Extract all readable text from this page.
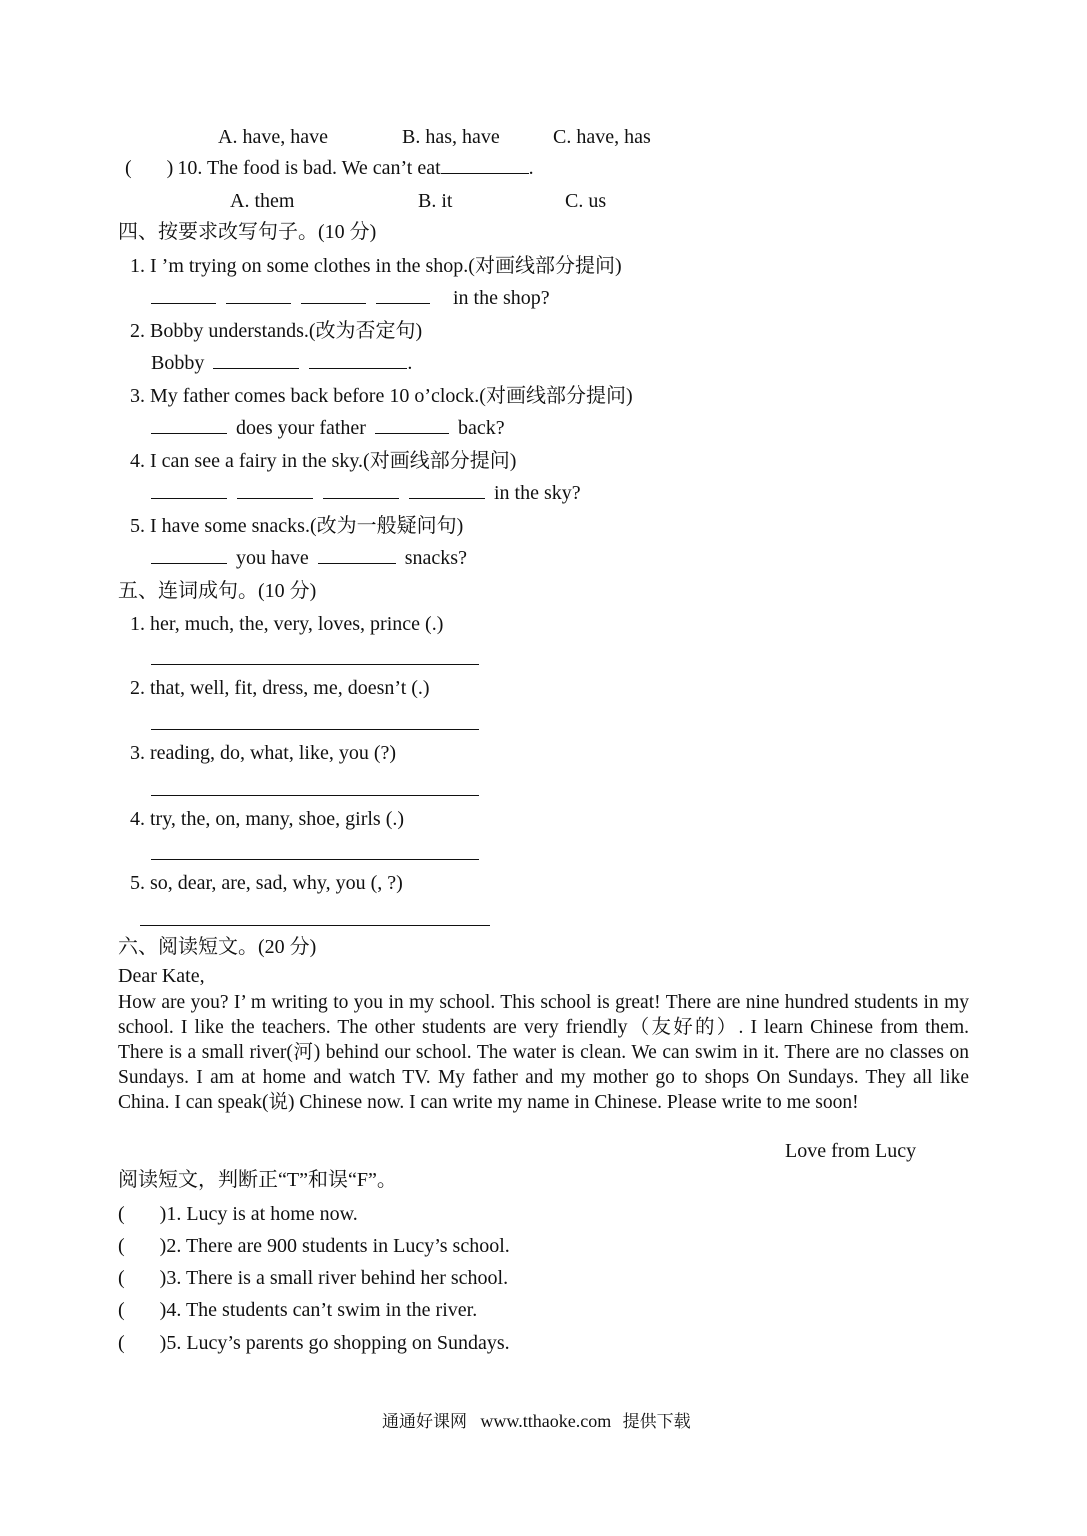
A. have, have	B. has, have	C. have, has
(       ) 10. The food is bad. We can’t eat	.
A. them	B. it	C. us
四、按要求改写句子。(10 分)
1. I ’m trying on some clothes in the shop.(对画线部分提问)
in the shop?
2. Bobby understands.(改为否定句)
Bobby	.
3. My father comes back before 10 o’clock.(对画线部分提问)
does your father	back?
4. I can see a fairy in the sky.(对画线部分提问)
in the sky?
5. I have some snacks.(改为一般疑问句)
you have	snacks?
五、连词成句。(10 分)
1. her, much, the, very, loves, prince (.)
2. that, well, fit, dress, me, doesn’t (.)
3. reading, do, what, like, you (?)
4. try, the, on, many, shoe, girls (.)
5. so, dear, are, sad, why, you (, ?)
六、阅读短文。(20 分)
Dear Kate,
How are you? I’ m writing to you in my school. This school is great! There are nine hundred students in my school. I like the teachers. The other students are very friendly（友好的）. I learn Chinese from them. There is a small river(河) behind our school. The water is clean. We can swim in it. There are no classes on Sundays. I am at home and watch TV. My father and my mother go to shops On Sundays. They all like China. I can speak(说) Chinese now. I can write my name in Chinese. Please write to me soon!
Love from Lucy
阅读短文，判断正“T”和误“F”。
(       )1. Lucy is at home now.
(       )2. There are 900 students in Lucy’s school.
(       )3. There is a small river behind her school.
(       )4. The students can’t swim in the river.
(       )5. Lucy’s parents go shopping on Sundays.
通通好课网 www.tthaoke.com 提供下载
